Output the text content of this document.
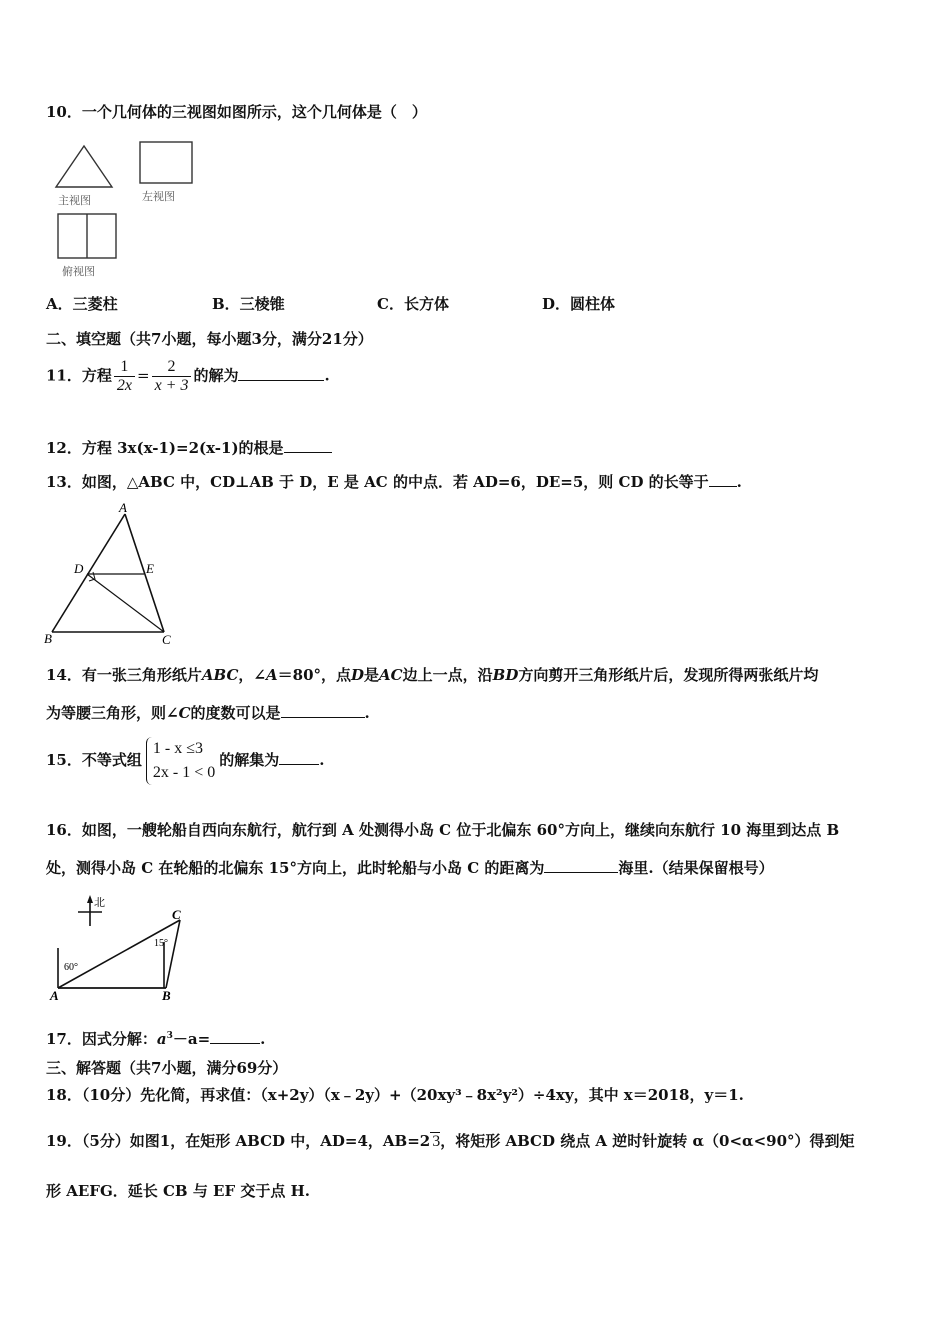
10．一个几何体的三视图如图所示，这个几何体是（　）
主视图	左视图
俯视图
A．三菱柱	B．三棱锥	C．长方体	D．圆柱体
二、填空题（共7小题，每小题3分，满分21分）
11．方程 $\frac{1}{2x} = \frac{2}{x + 3}$ 的解为	.
12．方程 3x(x-1)=2(x-1)的根是
13．如图，△ABC 中，CD⊥AB 于 D，E 是 AC 的中点．若 AD=6，DE=5，则 CD 的长等于 .
A
D	E
B	C
14．有一张三角形纸片ABC，∠A＝80°，点D是AC边上一点，沿BD方向剪开三角形纸片后，发现所得两张纸片均
为等腰三角形，则∠C的度数可以是	.
15．不等式组
1 - x ≤3
2x - 1 < 0
的解集为	.
16．如图，一艘轮船自西向东航行，航行到 A 处测得小岛 C 位于北偏东 60°方向上，继续向东航行 10 海里到达点 B
处，测得小岛 C 在轮船的北偏东 15°方向上，此时轮船与小岛 C 的距离为	海里.（结果保留根号）
北
C
A	B
60°
15°
17．因式分解：$a^3-a=$	.
三、解答题（共7小题，满分69分）
18．（10分）先化简，再求值：（x+2y）（x﹣2y）+（20xy³﹣8x²y²）÷4xy，其中 x＝2018，y＝1.
19．（5分）如图1，在矩形 ABCD 中，AD=4，AB=2 3，将矩形 ABCD 绕点 A 逆时针旋转 α（0<α<90°）得到矩
形 AEFG．延长 CB 与 EF 交于点 H.
